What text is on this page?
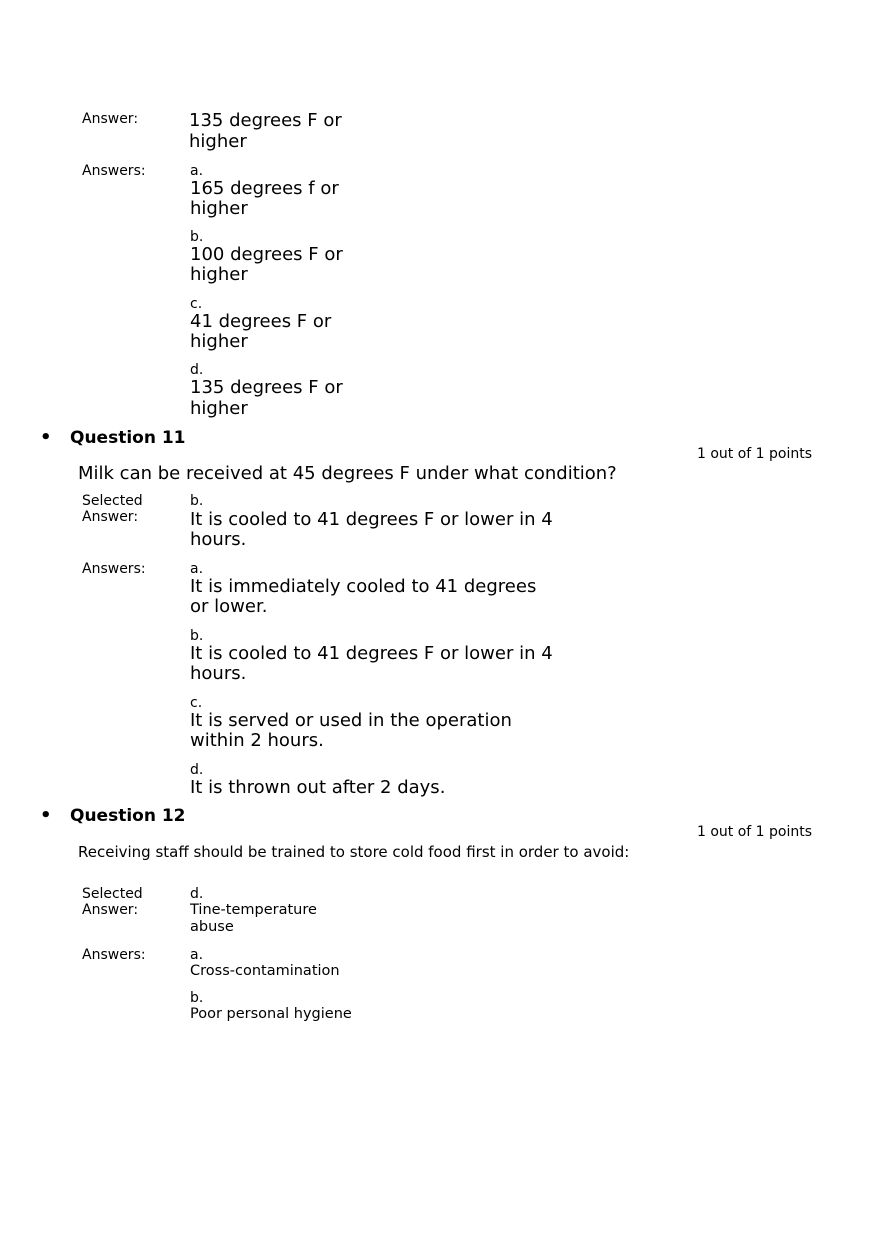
Answer:	135 degrees F or
higher
Answers:	a.
165 degrees f or
higher
b.
100 degrees F or
higher
c.
41 degrees F or
higher
d.
135 degrees F or
higher
• Question 11
1 out of 1 points
Milk can be received at 45 degrees F under what condition?
Selected
Answer:
b.
It is cooled to 41 degrees F or lower in 4
hours.
Answers:	a.
It is immediately cooled to 41 degrees
or lower.
b.
It is cooled to 41 degrees F or lower in 4
hours.
c.
It is served or used in the operation
within 2 hours.
d.
It is thrown out after 2 days.
• Question 12
1 out of 1 points
Receiving staff should be trained to store cold food first in order to avoid:
Selected
Answer:
d.
Tine-temperature
abuse
Answers:	a.
Cross-contamination
b.
Poor personal hygiene
